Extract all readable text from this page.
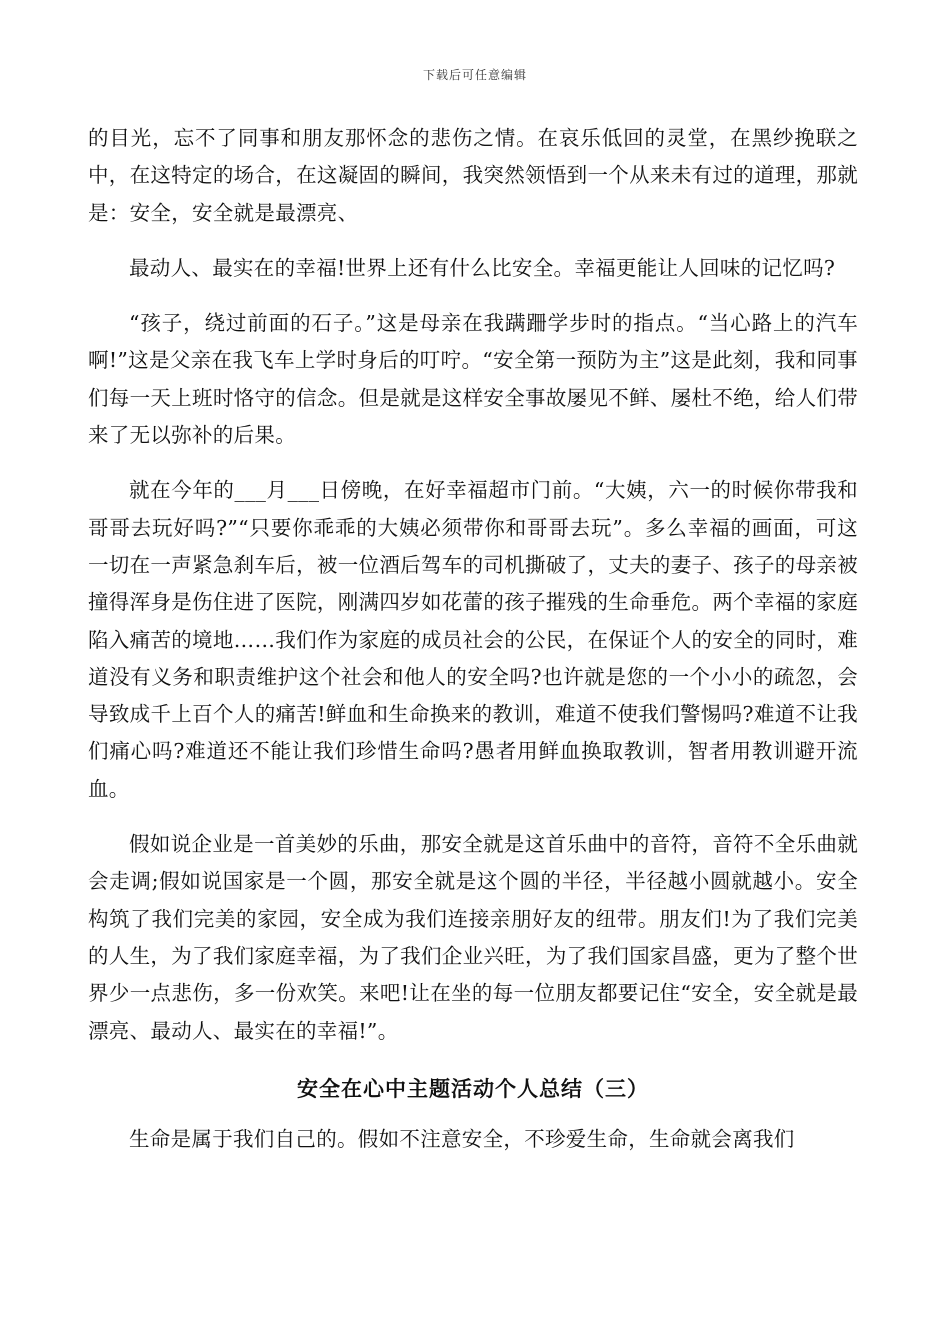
下载后可任意编辑

的目光，忘不了同事和朋友那怀念的悲伤之情。在哀乐低回的灵堂，在黑纱挽联之中，在这特定的场合，在这凝固的瞬间，我突然领悟到一个从来未有过的道理，那就是：安全，安全就是最漂亮、

最动人、最实在的幸福!世界上还有什么比安全。幸福更能让人回味的记忆吗?

“孩子，绕过前面的石子。”这是母亲在我蹒跚学步时的指点。“当心路上的汽车啊!”这是父亲在我飞车上学时身后的叮咛。“安全第一预防为主”这是此刻，我和同事们每一天上班时恪守的信念。但是就是这样安全事故屡见不鲜、屡杜不绝，给人们带来了无以弥补的后果。

就在今年的___月___日傍晚，在好幸福超市门前。“大姨，六一的时候你带我和哥哥去玩好吗?”“只要你乖乖的大姨必须带你和哥哥去玩”。多么幸福的画面，可这一切在一声紧急刹车后，被一位酒后驾车的司机撕破了，丈夫的妻子、孩子的母亲被撞得浑身是伤住进了医院，刚满四岁如花蕾的孩子摧残的生命垂危。两个幸福的家庭陷入痛苦的境地……我们作为家庭的成员社会的公民，在保证个人的安全的同时，难道没有义务和职责维护这个社会和他人的安全吗?也许就是您的一个小小的疏忽，会导致成千上百个人的痛苦!鲜血和生命换来的教训，难道不使我们警惕吗?难道不让我们痛心吗?难道还不能让我们珍惜生命吗?愚者用鲜血换取教训，智者用教训避开流血。

假如说企业是一首美妙的乐曲，那安全就是这首乐曲中的音符，音符不全乐曲就会走调;假如说国家是一个圆，那安全就是这个圆的半径，半径越小圆就越小。安全构筑了我们完美的家园，安全成为我们连接亲朋好友的纽带。朋友们!为了我们完美的人生，为了我们家庭幸福，为了我们企业兴旺，为了我们国家昌盛，更为了整个世界少一点悲伤，多一份欢笑。来吧!让在坐的每一位朋友都要记住“安全，安全就是最漂亮、最动人、最实在的幸福!”。

安全在心中主题活动个人总结（三）

生命是属于我们自己的。假如不注意安全，不珍爱生命，生命就会离我们
